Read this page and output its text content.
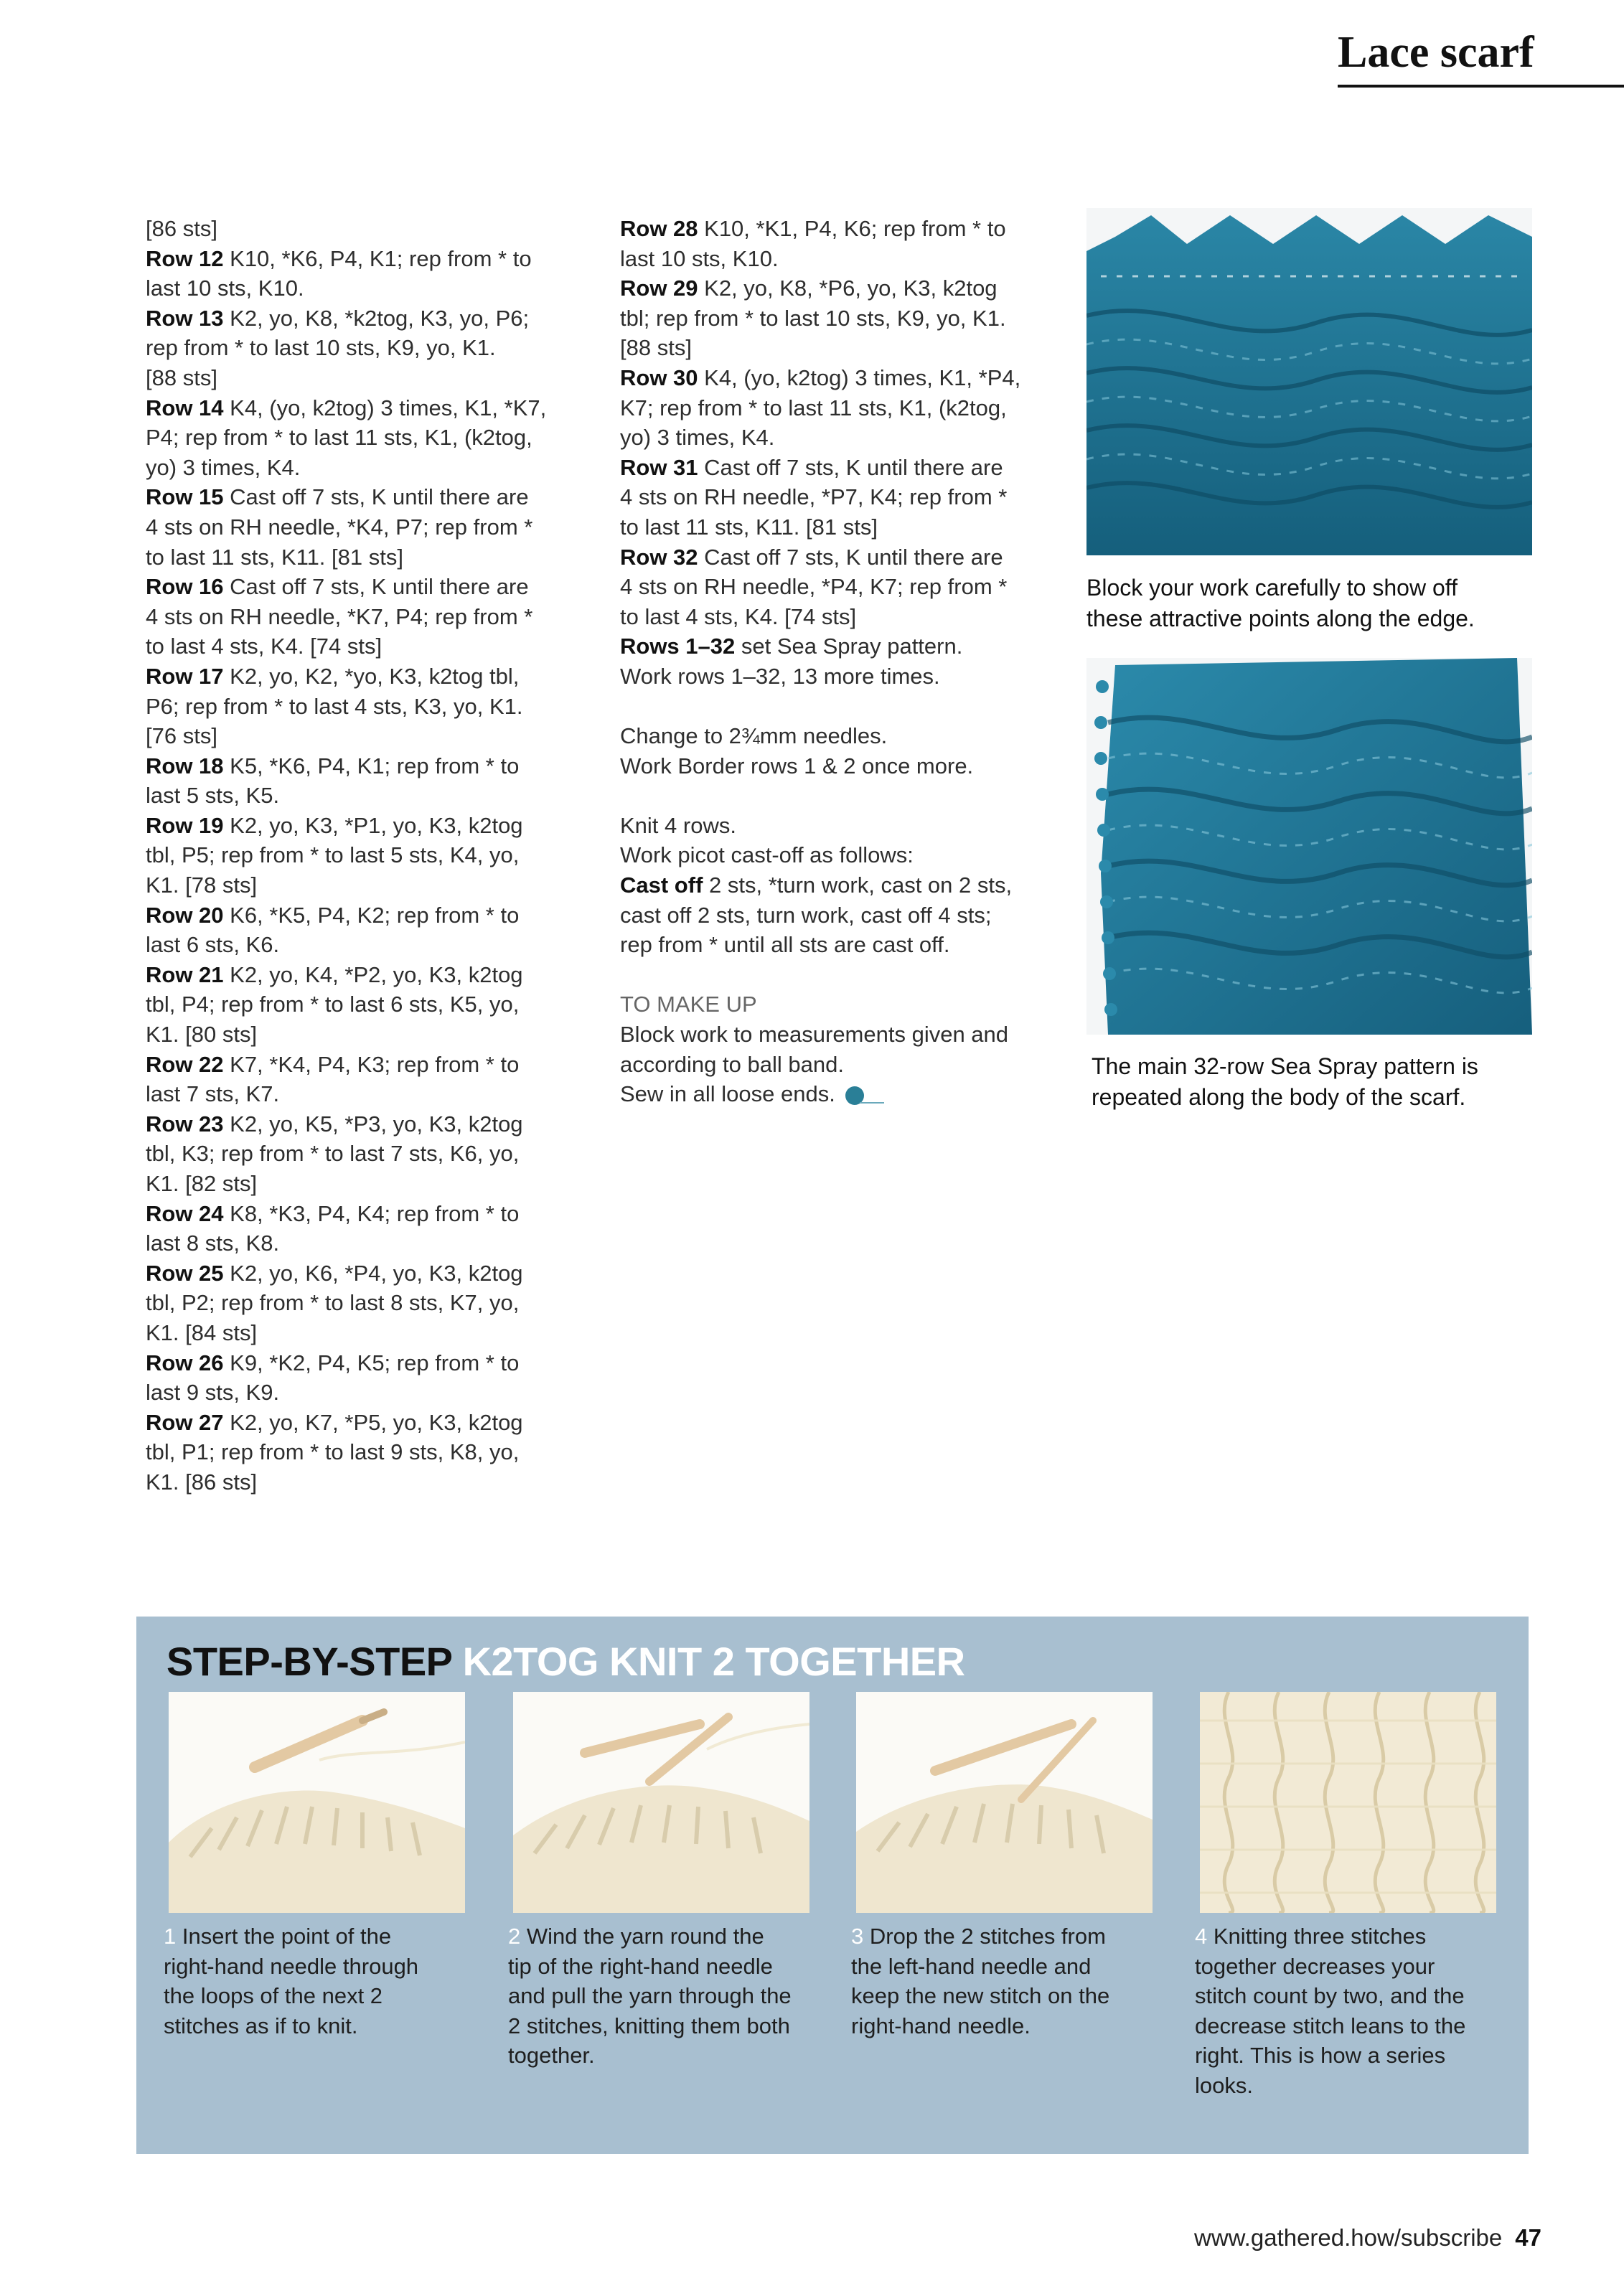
Lace scarf
[86 sts]
Row 12 K10, *K6, P4, K1; rep from * to
last 10 sts, K10.
Row 13 K2, yo, K8, *k2tog, K3, yo, P6;
rep from * to last 10 sts, K9, yo, K1.
[88 sts]
Row 14 K4, (yo, k2tog) 3 times, K1, *K7,
P4; rep from * to last 11 sts, K1, (k2tog,
yo) 3 times, K4.
Row 15 Cast off 7 sts, K until there are
4 sts on RH needle, *K4, P7; rep from *
to last 11 sts, K11. [81 sts]
Row 16 Cast off 7 sts, K until there are
4 sts on RH needle, *K7, P4; rep from *
to last 4 sts, K4. [74 sts]
Row 17 K2, yo, K2, *yo, K3, k2tog tbl,
P6; rep from * to last 4 sts, K3, yo, K1.
[76 sts]
Row 18 K5, *K6, P4, K1; rep from * to
last 5 sts, K5.
Row 19 K2, yo, K3, *P1, yo, K3, k2tog
tbl, P5; rep from * to last 5 sts, K4, yo,
K1. [78 sts]
Row 20 K6, *K5, P4, K2; rep from * to
last 6 sts, K6.
Row 21 K2, yo, K4, *P2, yo, K3, k2tog
tbl, P4; rep from * to last 6 sts, K5, yo,
K1. [80 sts]
Row 22 K7, *K4, P4, K3; rep from * to
last 7 sts, K7.
Row 23 K2, yo, K5, *P3, yo, K3, k2tog
tbl, K3; rep from * to last 7 sts, K6, yo,
K1. [82 sts]
Row 24 K8, *K3, P4, K4; rep from * to
last 8 sts, K8.
Row 25 K2, yo, K6, *P4, yo, K3, k2tog
tbl, P2; rep from * to last 8 sts, K7, yo,
K1. [84 sts]
Row 26 K9, *K2, P4, K5; rep from * to
last 9 sts, K9.
Row 27 K2, yo, K7, *P5, yo, K3, k2tog
tbl, P1; rep from * to last 9 sts, K8, yo,
K1. [86 sts]
Row 28 K10, *K1, P4, K6; rep from * to
last 10 sts, K10.
Row 29 K2, yo, K8, *P6, yo, K3, k2tog
tbl; rep from * to last 10 sts, K9, yo, K1.
[88 sts]
Row 30 K4, (yo, k2tog) 3 times, K1, *P4,
K7; rep from * to last 11 sts, K1, (k2tog,
yo) 3 times, K4.
Row 31 Cast off 7 sts, K until there are
4 sts on RH needle, *P7, K4; rep from *
to last 11 sts, K11. [81 sts]
Row 32 Cast off 7 sts, K until there are
4 sts on RH needle, *P4, K7; rep from *
to last 4 sts, K4. [74 sts]
Rows 1–32 set Sea Spray pattern.
Work rows 1–32, 13 more times.
Change to 2¾mm needles.
Work Border rows 1 & 2 once more.
Knit 4 rows.
Work picot cast-off as follows:
Cast off 2 sts, *turn work, cast on 2 sts,
cast off 2 sts, turn work, cast off 4 sts;
rep from * until all sts are cast off.
TO MAKE UP
Block work to measurements given and
according to ball band.
Sew in all loose ends.
Block your work carefully to show off
these attractive points along the edge.
The main 32-row Sea Spray pattern is
repeated along the body of the scarf.
STEP-BY-STEP K2TOG KNIT 2 TOGETHER
1 Insert the point of the
right-hand needle through
the loops of the next 2
stitches as if to knit.
2 Wind the yarn round the
tip of the right-hand needle
and pull the yarn through the
2 stitches, knitting them both
together.
3 Drop the 2 stitches from
the left-hand needle and
keep the new stitch on the
right-hand needle.
4 Knitting three stitches
together decreases your
stitch count by two, and the
decrease stitch leans to the
right. This is how a series
looks.
www.gathered.how/subscribe 47
